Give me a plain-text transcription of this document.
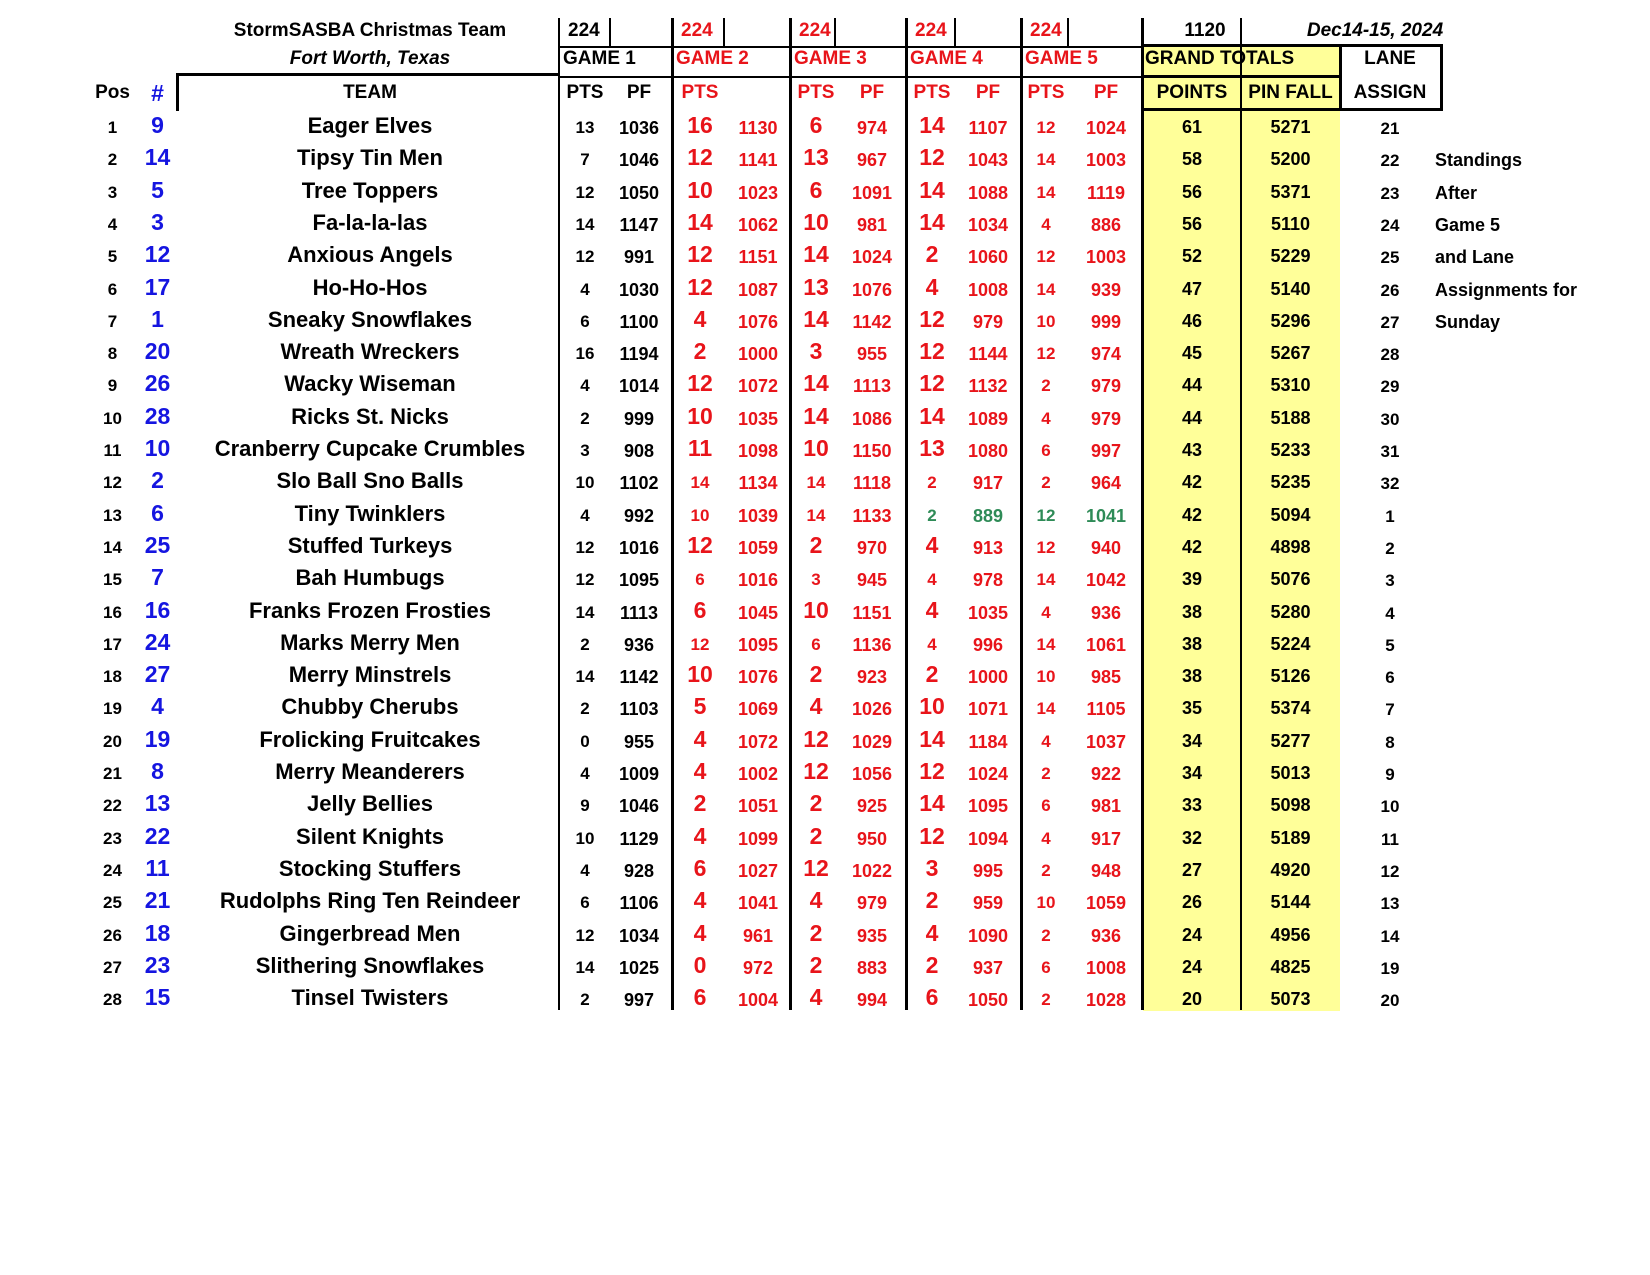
StormSASBA Christmas Team
Fort Worth, Texas
Dec14-15, 2024
1120
224
GAME 1
PTS	PF
224
GAME 2
PTS
224
GAME 3
PTS	PF
224
GAME 4
PTS	PF
224
GAME 5
PTS	PF
GRAND TOTALS	LANE
Pos #	TEAM	POINTS	PIN FALL	ASSIGN
1	9	Eager Elves	13	1036	16	1130	6	974	14	1107	12	1024	61	5271	21
2	14	Tipsy Tin Men	7	1046	12	1141	13	967	12	1043	14	1003	58	5200	22
3	5	Tree Toppers	12	1050	10	1023	6	1091	14	1088	14	1119	56	5371	23
4	3	Fa-la-la-las	14	1147	14	1062	10	981	14	1034	4	886	56	5110	24
5	12	Anxious Angels	12	991	12	1151	14	1024	2	1060	12	1003	52	5229	25
6	17	Ho-Ho-Hos	4	1030	12	1087	13	1076	4	1008	14	939	47	5140	26
7	1	Sneaky Snowflakes	6	1100	4	1076	14	1142	12	979	10	999	46	5296	27
8	20	Wreath Wreckers	16	1194	2	1000	3	955	12	1144	12	974	45	5267	28
9	26	Wacky Wiseman	4	1014	12	1072	14	1113	12	1132	2	979	44	5310	29
10 28	Ricks St. Nicks	2	999	10	1035	14	1086	14	1089	4	979	44	5188	30
11	10	Cranberry Cupcake Crumbles	3	908	11	1098	10	1150	13	1080	6	997	43	5233	31
12	2	Slo Ball Sno Balls	10	1102	14	1134	14	1118	2	917	2	964	42	5235	32
13	6	Tiny Twinklers	4	992	10	1039	14	1133	2	889	12	1041	42	5094	1
14 25	Stuffed Turkeys	12	1016	12	1059	2	970	4	913	12	940	42	4898	2
15	7	Bah Humbugs	12	1095	6	1016	3	945	4	978	14	1042	39	5076	3
16 16	Franks Frozen Frosties	14	1113	6	1045	10	1151	4	1035	4	936	38	5280	4
17 24	Marks Merry Men	2	936	12	1095	6	1136	4	996	14	1061	38	5224	5
18 27	Merry Minstrels	14	1142	10	1076	2	923	2	1000	10	985	38	5126	6
19	4	Chubby Cherubs	2	1103	5	1069	4	1026	10	1071	14	1105	35	5374	7
20 19	Frolicking Fruitcakes	0	955	4	1072	12	1029	14	1184	4	1037	34	5277	8
21	8	Merry Meanderers	4	1009	4	1002	12	1056	12	1024	2	922	34	5013	9
22 13	Jelly Bellies	9	1046	2	1051	2	925	14	1095	6	981	33	5098	10
23 22	Silent Knights	10	1129	4	1099	2	950	12	1094	4	917	32	5189	11
24	11	Stocking Stuffers	4	928	6	1027	12	1022	3	995	2	948	27	4920	12
25 21	Rudolphs Ring Ten Reindeer	6	1106	4	1041	4	979	2	959	10	1059	26	5144	13
26 18	Gingerbread Men	12	1034	4	961	2	935	4	1090	2	936	24	4956	14
27 23	Slithering Snowflakes	14	1025	0	972	2	883	2	937	6	1008	24	4825	19
28 15	Tinsel Twisters	2	997	6	1004	4	994	6	1050	2	1028	20	5073	20
Standings
After
Game 5
and Lane
Assignments for
Sunday
